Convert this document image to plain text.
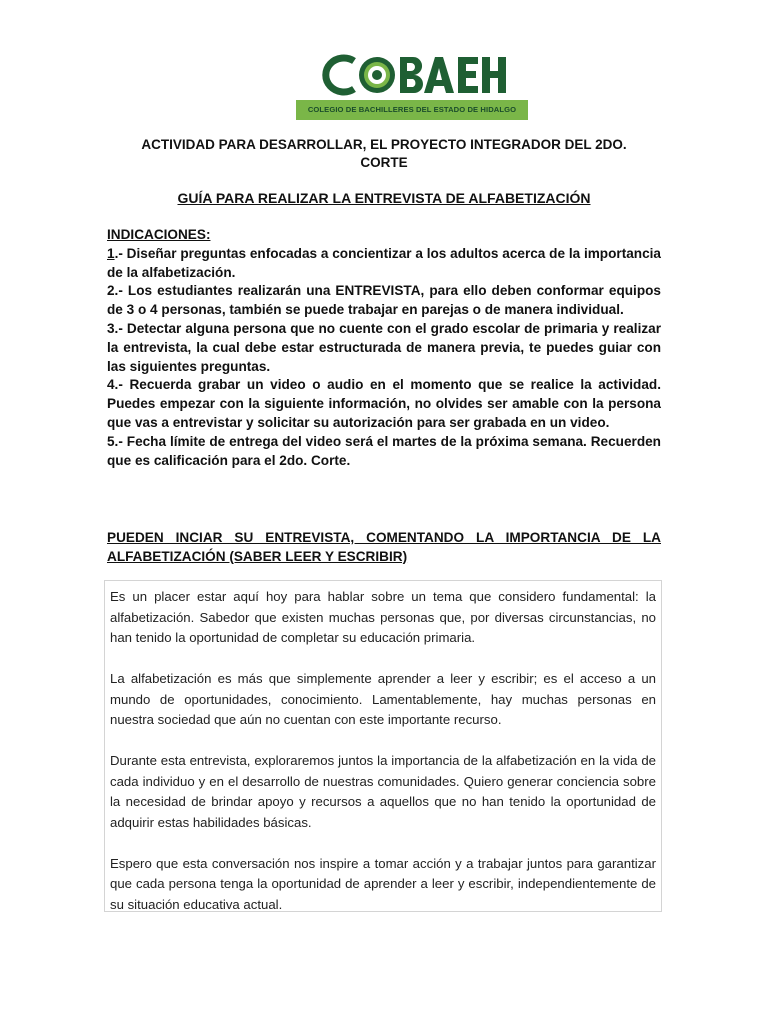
COLEGIO DE BACHILLERES DEL ESTADO DE HIDALGO
ACTIVIDAD PARA DESARROLLAR, EL PROYECTO INTEGRADOR DEL 2DO.
CORTE
GUÍA PARA REALIZAR LA ENTREVISTA DE ALFABETIZACIÓN
INDICACIONES:
1.- Diseñar preguntas enfocadas a concientizar a los adultos acerca de la importancia de la alfabetización.
2.- Los estudiantes realizarán una ENTREVISTA, para ello deben conformar equipos de 3 o 4 personas, también se puede trabajar en parejas o de manera individual.
3.- Detectar alguna persona que no cuente con el grado escolar de primaria y realizar la entrevista, la cual debe estar estructurada de manera previa, te puedes guiar con las siguientes preguntas.
4.- Recuerda grabar un video o audio en el momento que se realice la actividad. Puedes empezar con la siguiente información, no olvides ser amable con la persona que vas a entrevistar y solicitar su autorización para ser grabada en un video.
5.- Fecha límite de entrega del video será el martes de la próxima semana. Recuerden que es calificación para el 2do. Corte.
PUEDEN INCIAR SU ENTREVISTA, COMENTANDO LA IMPORTANCIA DE LA ALFABETIZACIÓN (SABER LEER Y ESCRIBIR)

Es un placer estar aquí hoy para hablar sobre un tema que considero fundamental: la alfabetización. Sabedor que existen muchas personas que, por diversas circunstancias, no han tenido la oportunidad de completar su educación primaria.

La alfabetización es más que simplemente aprender a leer y escribir; es el acceso a un mundo de oportunidades, conocimiento. Lamentablemente, hay muchas personas en nuestra sociedad que aún no cuentan con este importante recurso.

Durante esta entrevista, exploraremos juntos la importancia de la alfabetización en la vida de cada individuo y en el desarrollo de nuestras comunidades. Quiero generar conciencia sobre la necesidad de brindar apoyo y recursos a aquellos que no han tenido la oportunidad de adquirir estas habilidades básicas.

Espero que esta conversación nos inspire a tomar acción y a trabajar juntos para garantizar que cada persona tenga la oportunidad de aprender a leer y escribir, independientemente de su situación educativa actual.
